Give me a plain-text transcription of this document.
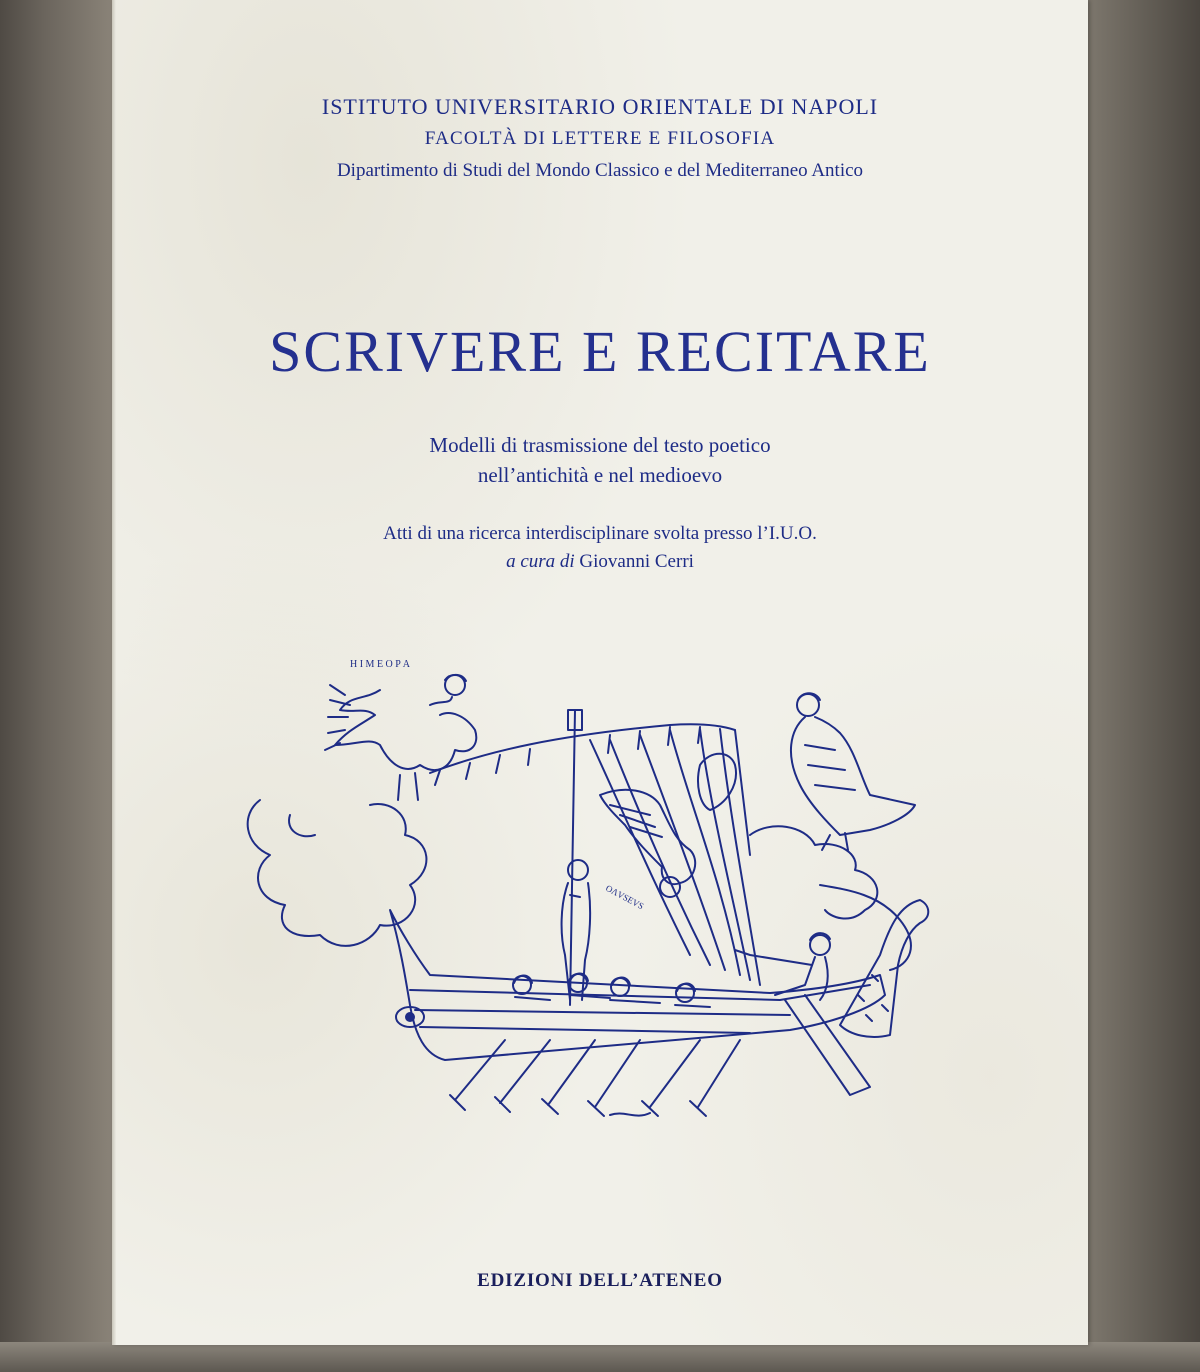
ISTITUTO UNIVERSITARIO ORIENTALE DI NAPOLI

FACOLTÀ DI LETTERE E FILOSOFIA

Dipartimento di Studi del Mondo Classico e del Mediterraneo Antico

SCRIVERE E RECITARE

Modelli di trasmissione del testo poetico

nell’antichità e nel medioevo

Atti di una ricerca interdisciplinare svolta presso l’I.U.O.

a cura di Giovanni Cerri

Η Ι Μ Ε Ο Ρ Α
OΛVSEVS
EDIZIONI DELL’ATENEO
